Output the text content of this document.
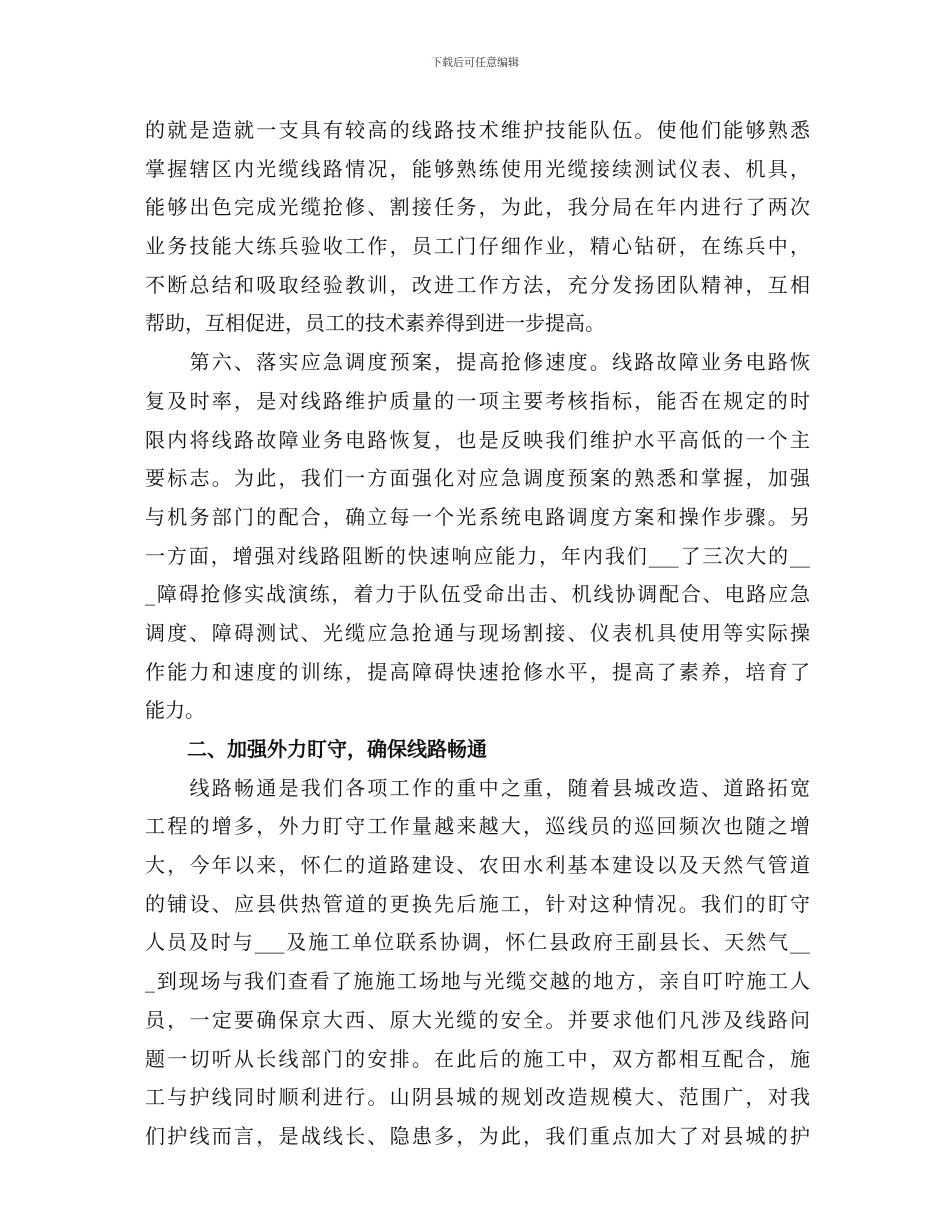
下载后可任意编辑
的就是造就一支具有较高的线路技术维护技能队伍。使他们能够熟悉
掌握辖区内光缆线路情况，能够熟练使用光缆接续测试仪表、机具，
能够出色完成光缆抢修、割接任务，为此，我分局在年内进行了两次
业务技能大练兵验收工作，员工门仔细作业，精心钻研，在练兵中，
不断总结和吸取经验教训，改进工作方法，充分发扬团队精神，互相
帮助，互相促进，员工的技术素养得到进一步提高。
　　第六、落实应急调度预案，提高抢修速度。线路故障业务电路恢
复及时率，是对线路维护质量的一项主要考核指标，能否在规定的时
限内将线路故障业务电路恢复，也是反映我们维护水平高低的一个主
要标志。为此，我们一方面强化对应急调度预案的熟悉和掌握，加强
与机务部门的配合，确立每一个光系统电路调度方案和操作步骤。另
一方面，增强对线路阻断的快速响应能力，年内我们___了三次大的__
_障碍抢修实战演练，着力于队伍受命出击、机线协调配合、电路应急
调度、障碍测试、光缆应急抢通与现场割接、仪表机具使用等实际操
作能力和速度的训练，提高障碍快速抢修水平，提高了素养，培育了
能力。
二、加强外力盯守，确保线路畅通
　　线路畅通是我们各项工作的重中之重，随着县城改造、道路拓宽
工程的增多，外力盯守工作量越来越大，巡线员的巡回频次也随之增
大，今年以来，怀仁的道路建设、农田水利基本建设以及天然气管道
的铺设、应县供热管道的更换先后施工，针对这种情况。我们的盯守
人员及时与___及施工单位联系协调，怀仁县政府王副县长、天然气__
_到现场与我们查看了施施工场地与光缆交越的地方，亲自叮咛施工人
员，一定要确保京大西、原大光缆的安全。并要求他们凡涉及线路问
题一切听从长线部门的安排。在此后的施工中，双方都相互配合，施
工与护线同时顺利进行。山阴县城的规划改造规模大、范围广，对我
们护线而言，是战线长、隐患多，为此，我们重点加大了对县城的护
